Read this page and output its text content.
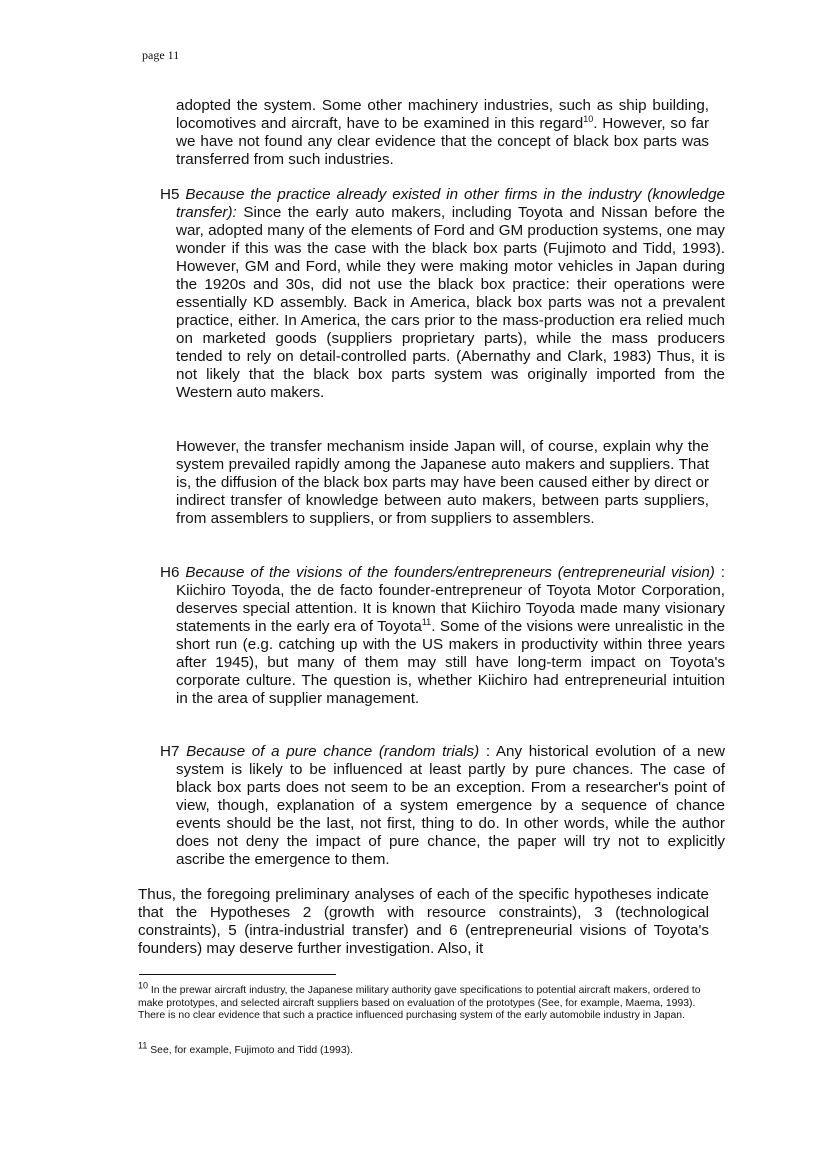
page 11

adopted the system. Some other machinery industries, such as ship building, locomotives and aircraft, have to be examined in this regard$^{10}$. However, so far we have not found any clear evidence that the concept of black box parts was transferred from such industries.

H5 Because the practice already existed in other firms in the industry (knowledge transfer): Since the early auto makers, including Toyota and Nissan before the war, adopted many of the elements of Ford and GM production systems, one may wonder if this was the case with the black box parts (Fujimoto and Tidd, 1993). However, GM and Ford, while they were making motor vehicles in Japan during the 1920s and 30s, did not use the black box practice: their operations were essentially KD assembly. Back in America, black box parts was not a prevalent practice, either. In America, the cars prior to the mass-production era relied much on marketed goods (suppliers proprietary parts), while the mass producers tended to rely on detail-controlled parts. (Abernathy and Clark, 1983) Thus, it is not likely that the black box parts system was originally imported from the Western auto makers.

However, the transfer mechanism inside Japan will, of course, explain why the system prevailed rapidly among the Japanese auto makers and suppliers. That is, the diffusion of the black box parts may have been caused either by direct or indirect transfer of knowledge between auto makers, between parts suppliers, from assemblers to suppliers, or from suppliers to assemblers.

H6 Because of the visions of the founders/entrepreneurs (entrepreneurial vision) : Kiichiro Toyoda, the de facto founder-entrepreneur of Toyota Motor Corporation, deserves special attention. It is known that Kiichiro Toyoda made many visionary statements in the early era of Toyota$^{11}$. Some of the visions were unrealistic in the short run (e.g. catching up with the US makers in productivity within three years after 1945), but many of them may still have long-term impact on Toyota's corporate culture. The question is, whether Kiichiro had entrepreneurial intuition in the area of supplier management.

H7 Because of a pure chance (random trials) : Any historical evolution of a new system is likely to be influenced at least partly by pure chances. The case of black box parts does not seem to be an exception. From a researcher's point of view, though, explanation of a system emergence by a sequence of chance events should be the last, not first, thing to do. In other words, while the author does not deny the impact of pure chance, the paper will try not to explicitly ascribe the emergence to them.

Thus, the foregoing preliminary analyses of each of the specific hypotheses indicate that the Hypotheses 2 (growth with resource constraints), 3 (technological constraints), 5 (intra-industrial transfer) and 6 (entrepreneurial visions of Toyota's founders) may deserve further investigation. Also, it

$^{10}$ In the prewar aircraft industry, the Japanese military authority gave specifications to potential aircraft makers, ordered to make prototypes, and selected aircraft suppliers based on evaluation of the prototypes (See, for example, Maema, 1993). There is no clear evidence that such a practice influenced purchasing system of the early automobile industry in Japan.

$^{11}$ See, for example, Fujimoto and Tidd (1993).
